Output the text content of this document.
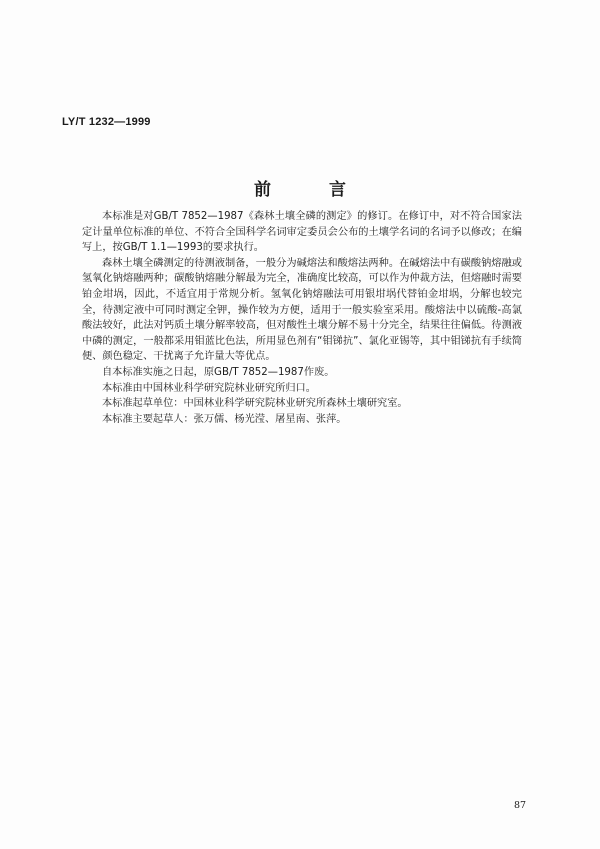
LY/T 1232—1999
前 言

本标准是对GB/T 7852—1987《森林土壤全磷的测定》的修订。在修订中，对不符合国家法定计量单位标准的单位、不符合全国科学名词审定委员会公布的土壤学名词的名词予以修改；在编写上，按GB/T 1.1—1993的要求执行。

森林土壤全磷测定的待测液制备，一般分为碱熔法和酸熔法两种。在碱熔法中有碳酸钠熔融或氢氧化钠熔融两种；碳酸钠熔融分解最为完全，准确度比较高，可以作为仲裁方法，但熔融时需要铂金坩埚，因此，不适宜用于常规分析。氢氧化钠熔融法可用银坩埚代替铂金坩埚，分解也较完全，待测定液中可同时测定全钾，操作较为方便，适用于一般实验室采用。酸熔法中以硫酸-高氯酸法较好，此法对钙质土壤分解率较高，但对酸性土壤分解不易十分完全，结果往往偏低。待测液中磷的测定，一般都采用钼蓝比色法，所用显色剂有“钼锑抗”、氯化亚锡等，其中钼锑抗有手续简便、颜色稳定、干扰离子允许量大等优点。

自本标准实施之日起，原GB/T 7852—1987作废。

本标准由中国林业科学研究院林业研究所归口。

本标准起草单位：中国林业科学研究院林业研究所森林土壤研究室。

本标准主要起草人：张万儒、杨光滢、屠星南、张萍。

87
